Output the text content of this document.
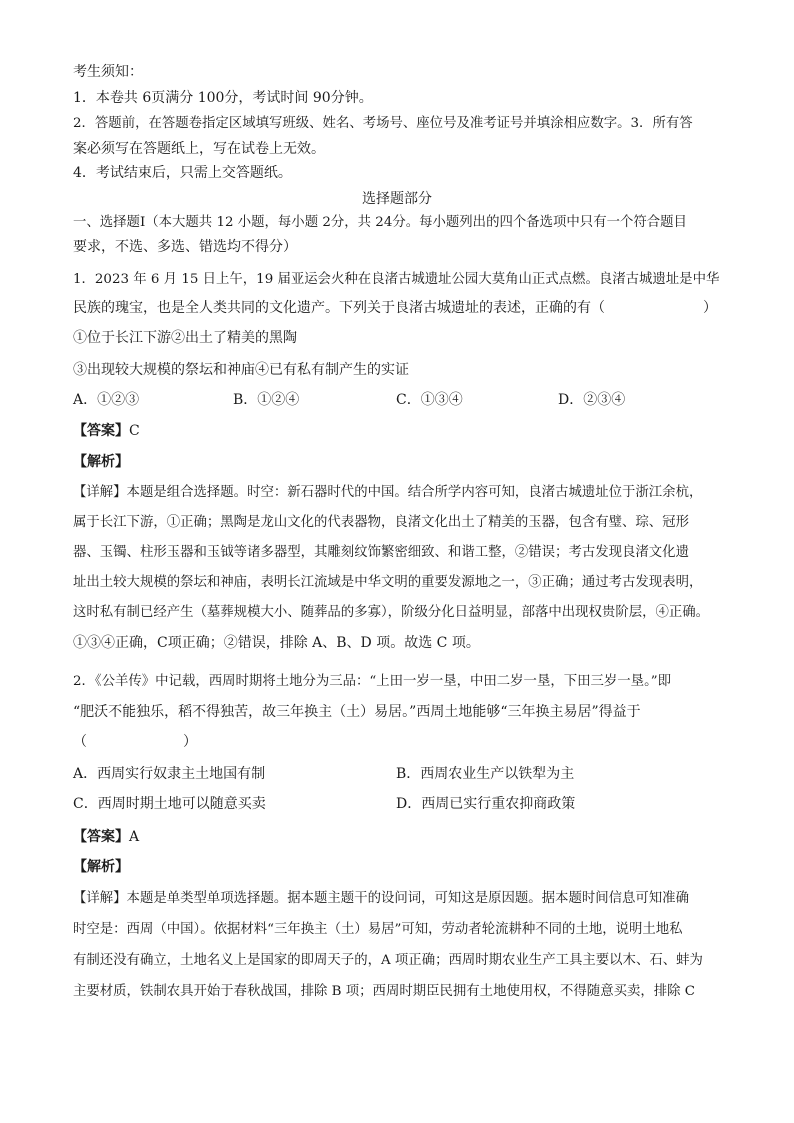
考生须知：
1．本卷共 6页满分 100分，考试时间 90分钟。
2．答题前，在答题卷指定区域填写班级、姓名、考场号、座位号及准考证号并填涂相应数字。3．所有答
案必须写在答题纸上，写在试卷上无效。
4．考试结束后，只需上交答题纸。
选择题部分
一、选择题Ⅰ（本大题共 12 小题，每小题 2分，共 24分。每小题列出的四个备选项中只有一个符合题目
要求，不选、多选、错选均不得分）
1．2023 年 6 月 15 日上午，19 届亚运会火种在良渚古城遗址公园大莫角山正式点燃。良渚古城遗址是中华
民族的瑰宝，也是全人类共同的文化遗产。下列关于良渚古城遗址的表述，正确的有（	）
①位于长江下游②出土了精美的黑陶
③出现较大规模的祭坛和神庙④已有私有制产生的实证
A．①②③	B．①②④	C．①③④	D．②③④
【答案】C
【解析】
【详解】本题是组合选择题。时空：新石器时代的中国。结合所学内容可知，良渚古城遗址位于浙江余杭，
属于长江下游，①正确；黑陶是龙山文化的代表器物，良渚文化出土了精美的玉器，包含有璧、琮、冠形
器、玉镯、柱形玉器和玉钺等诸多器型，其雕刻纹饰繁密细致、和谐工整，②错误；考古发现良渚文化遗
址出土较大规模的祭坛和神庙，表明长江流域是中华文明的重要发源地之一，③正确；通过考古发现表明，
这时私有制已经产生（墓葬规模大小、随葬品的多寡），阶级分化日益明显，部落中出现权贵阶层，④正确。
①③④正确，C项正确；②错误，排除 A、B、D 项。故选 C 项。
2．《公羊传》中记载，西周时期将土地分为三品：“上田一岁一垦，中田二岁一垦，下田三岁一垦。”即
“肥沃不能独乐，稻不得独苦，故三年换主（土）易居。”西周土地能够“三年换主易居”得益于
（	）
A．西周实行奴隶主土地国有制	B．西周农业生产以铁犁为主
C．西周时期土地可以随意买卖	D．西周已实行重农抑商政策
【答案】A
【解析】
【详解】本题是单类型单项选择题。据本题主题干的设问词，可知这是原因题。据本题时间信息可知准确
时空是：西周（中国）。依据材料“三年换主（土）易居”可知，劳动者轮流耕种不同的土地，说明土地私
有制还没有确立，土地名义上是国家的即周天子的，A 项正确；西周时期农业生产工具主要以木、石、蚌为
主要材质，铁制农具开始于春秋战国，排除 B 项；西周时期臣民拥有土地使用权，不得随意买卖，排除 C
